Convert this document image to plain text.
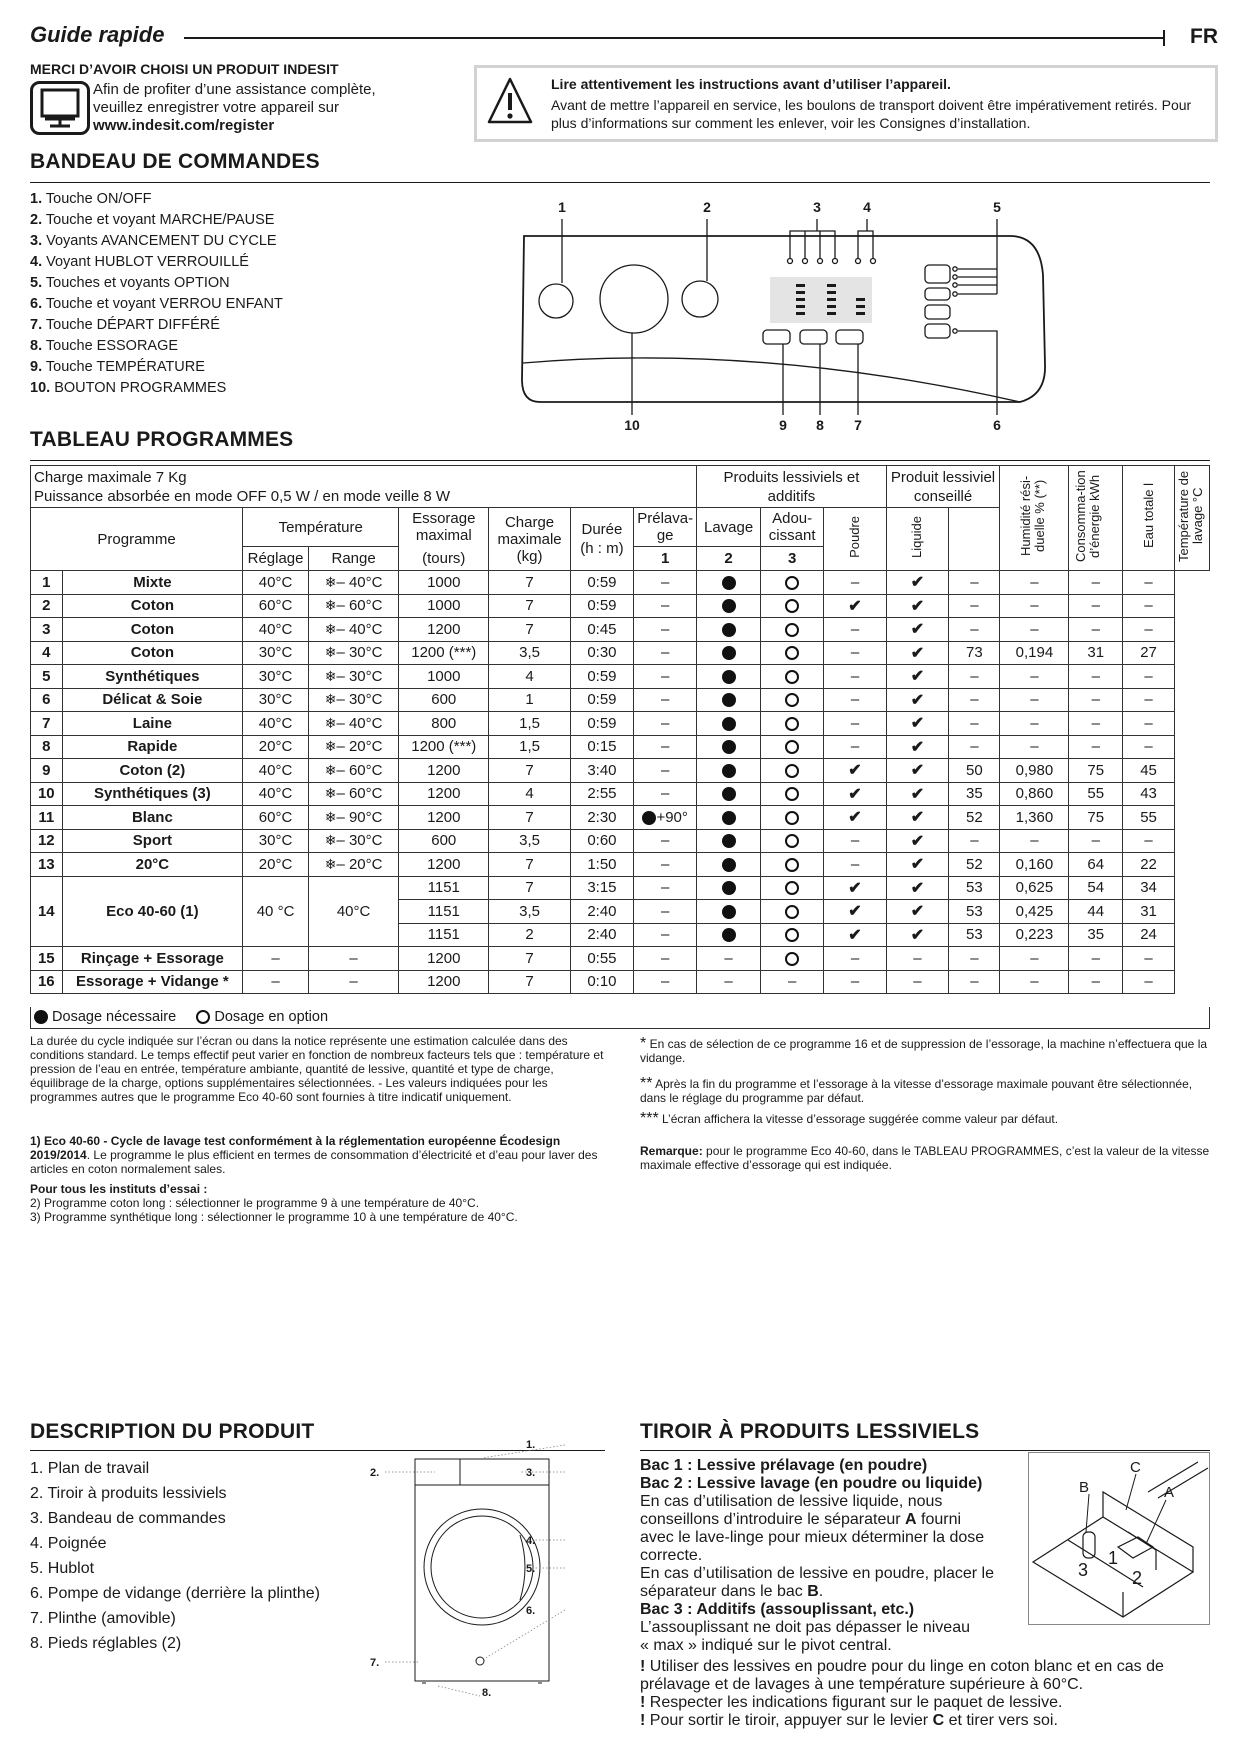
Guide rapide	FR
MERCI D’AVOIR CHOISI UN PRODUIT INDESIT
Afin de profiter d’une assistance complète,
veuillez enregistrer votre appareil sur
www.indesit.com/register
Lire attentivement les instructions avant d’utiliser l’appareil.
Avant de mettre l’appareil en service, les boulons de transport doivent être impérativement retirés. Pour plus d’informations sur comment les enlever, voir les Consignes d’installation.
BANDEAU DE COMMANDES
1. Touche ON/OFF
2. Touche et voyant MARCHE/PAUSE
3. Voyants AVANCEMENT DU CYCLE
4. Voyant HUBLOT VERROUILLÉ
5. Touches et voyants OPTION
6. Touche et voyant VERROU ENFANT
7. Touche DÉPART DIFFÉRÉ
8. Touche ESSORAGE
9. Touche TEMPÉRATURE
10. BOUTON PROGRAMMES
1	2	3	4	5
6
7
8
9
10
TABLEAU PROGRAMMES
Charge maximale 7 Kg
Puissance absorbée en mode OFF 0,5 W / en mode veille 8 W								Produits lessiviels et additifs			Produit lessiviel conseillé		Humidité rési-duelle % (**)	Consomma-tion d’énergie kWh	Eau totale l	Température de lavage °C
Programme		Température		Essorage maximal	Charge maximale (kg)	Durée (h : m)	Prélavage	Lavage	Adoucissant	Poudre	Liquide					
		Réglage	Range	(tours)			1	2	3							
1	Mixte	40°C	❄– 40°C	1000	7	0:59	–			–	✔	–	–	–	–	
2	Coton	60°C	❄– 60°C	1000	7	0:59	–			✔	✔	–	–	–	–	
3	Coton	40°C	❄– 40°C	1200	7	0:45	–			–	✔	–	–	–	–	
4	Coton	30°C	❄– 30°C	1200 (***)	3,5	0:30	–			–	✔	73	0,194	31	27	
5	Synthétiques	30°C	❄– 30°C	1000	4	0:59	–			–	✔	–	–	–	–	
6	Délicat & Soie	30°C	❄– 30°C	600	1	0:59	–			–	✔	–	–	–	–	
7	Laine	40°C	❄– 40°C	800	1,5	0:59	–			–	✔	–	–	–	–	
8	Rapide	20°C	❄– 20°C	1200 (***)	1,5	0:15	–			–	✔	–	–	–	–	
9	Coton (2)	40°C	❄– 60°C	1200	7	3:40	–			✔	✔	50	0,980	75	45	
10	Synthétiques (3)	40°C	❄– 60°C	1200	4	2:55	–			✔	✔	35	0,860	55	43	
11	Blanc	60°C	❄– 90°C	1200	7	2:30	+90°			✔	✔	52	1,360	75	55	
12	Sport	30°C	❄– 30°C	600	3,5	0:60	–			–	✔	–	–	–	–	
13	20°C	20°C	❄– 20°C	1200	7	1:50	–			–	✔	52	0,160	64	22	
14	Eco 40-60 (1)	40 °C	40°C	1151	7	3:15	–			✔	✔	53	0,625	54	34	
				1151	3,5	2:40	–			✔	✔	53	0,425	44	31	
				1151	2	2:40	–			✔	✔	53	0,223	35	24	
15	Rinçage + Essorage	–	–	1200	7	0:55	–	–		–	–	–	–	–	–	
16	Essorage + Vidange *	–	–	1200	7	0:10	–	–	–	–	–	–	–	–	–	
Dosage nécessaire	Dosage en option
La durée du cycle indiquée sur l’écran ou dans la notice représente une estimation calculée dans des conditions standard. Le temps effectif peut varier en fonction de nombreux facteurs tels que : température et pression de l’eau en entrée, température ambiante, quantité de lessive, quantité et type de charge, équilibrage de la charge, options supplémentaires sélectionnées. - Les valeurs indiquées pour les programmes autres que le programme Eco 40-60 sont fournies à titre indicatif uniquement.
1) Eco 40-60 - Cycle de lavage test conformément à la réglementation européenne Écodesign 2019/2014. Le programme le plus efficient en termes de consommation d’électricité et d’eau pour laver des articles en coton normalement sales.
Pour tous les instituts d’essai :
2) Programme coton long : sélectionner le programme 9 à une température de 40°C.
3) Programme synthétique long : sélectionner le programme 10 à une température de 40°C.
* En cas de sélection de ce programme 16 et de suppression de l’essorage, la machine n’effectuera que la vidange.
** Après la fin du programme et l’essorage à la vitesse d’essorage maximale pouvant être sélectionnée, dans le réglage du programme par défaut.
*** L’écran affichera la vitesse d’essorage suggérée comme valeur par défaut.
Remarque: pour le programme Eco 40-60, dans le TABLEAU PROGRAMMES, c’est la valeur de la vitesse maximale effective d’essorage qui est indiquée.
DESCRIPTION DU PRODUIT
1. Plan de travail
2. Tiroir à produits lessiviels
3. Bandeau de commandes
4. Poignée
5. Hublot
6. Pompe de vidange (derrière la plinthe)
7. Plinthe (amovible)
8. Pieds réglables (2)
1.
2.	3.
4.
5.
6.
7.
8.
TIROIR À PRODUITS LESSIVIELS
Bac 1 : Lessive prélavage (en poudre)
Bac 2 : Lessive lavage (en poudre ou liquide)
En cas d’utilisation de lessive liquide, nous
conseillons d’introduire le séparateur A fourni
avec le lave-linge pour mieux déterminer la dose
correcte.
En cas d’utilisation de lessive en poudre, placer le
séparateur dans le bac B.
Bac 3 : Additifs (assouplissant, etc.)
L’assouplissant ne doit pas dépasser le niveau
« max » indiqué sur le pivot central.
! Utiliser des lessives en poudre pour du linge en coton blanc et en cas de
prélavage et de lavages à une température supérieure à 60°C.
! Respecter les indications figurant sur le paquet de lessive.
! Pour sortir le tiroir, appuyer sur le levier C et tirer vers soi.
B
C
A
1
2
3
